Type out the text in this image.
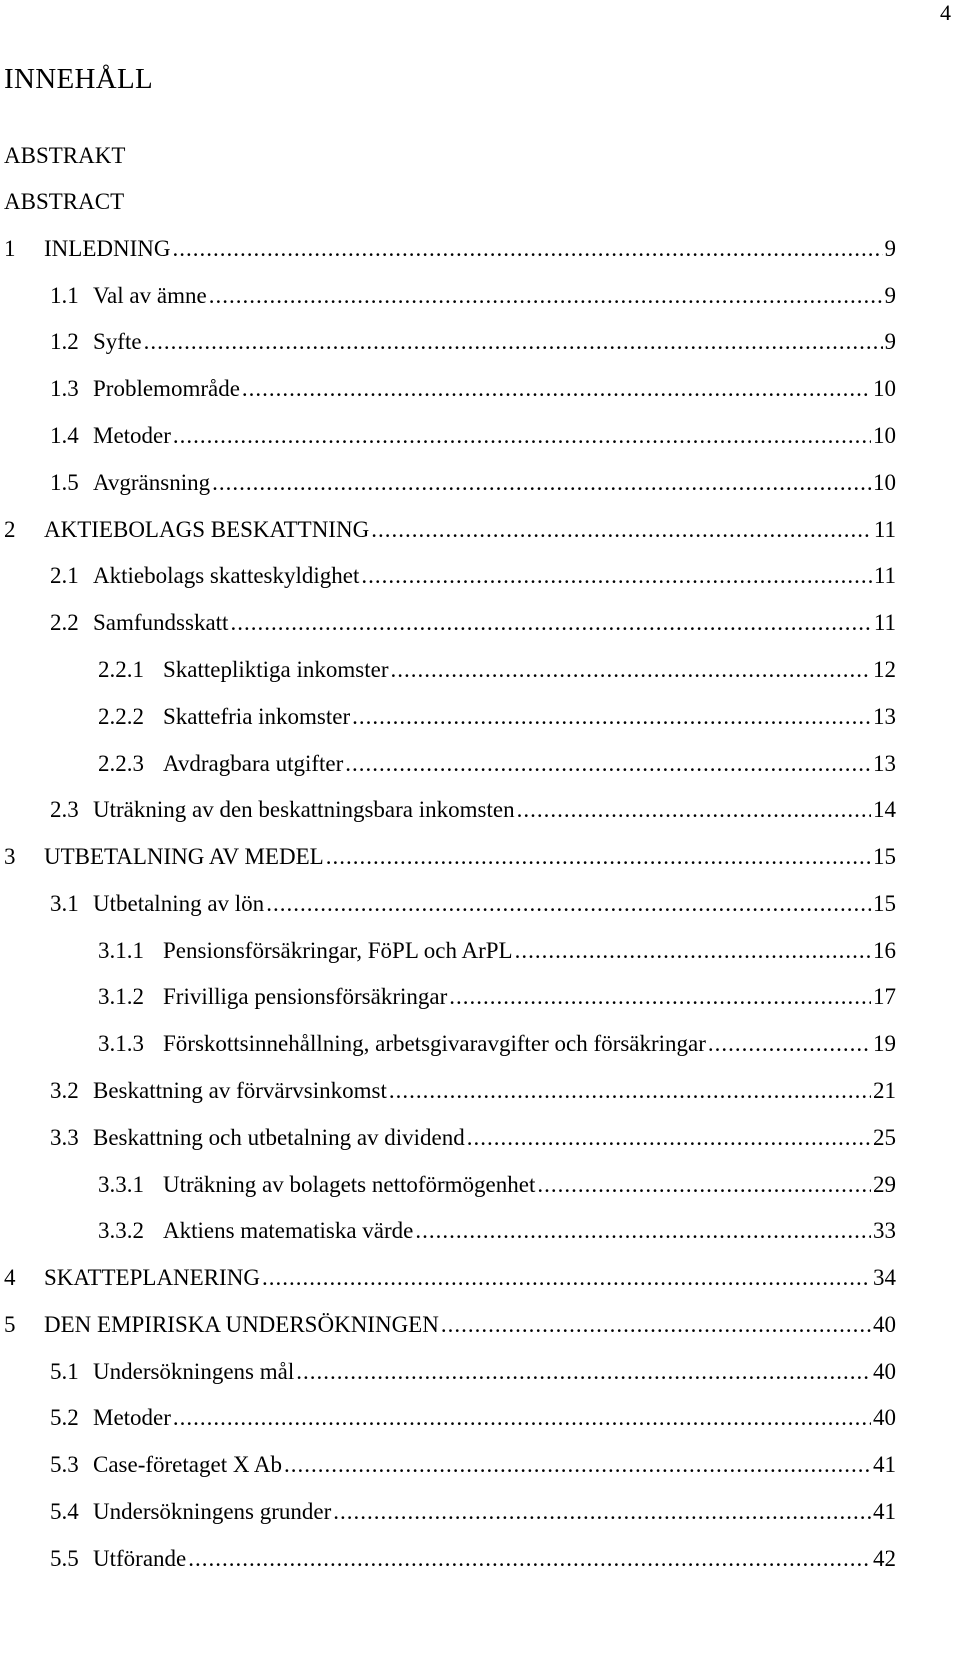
4
INNEHÅLL
ABSTRAKT
ABSTRACT
1	INLEDNING .....	9
1.1 Val av ämne .....	9
1.2 Syfte .....	9
1.3 Problemområde .....	10
1.4 Metoder .....	10
1.5 Avgränsning .....	10
2	AKTIEBOLAGS BESKATTNING .....	11
2.1 Aktiebolags skatteskyldighet .....	11
2.2 Samfundsskatt .....	11
2.2.1 Skattepliktiga inkomster .....	12
2.2.2 Skattefria inkomster .....	13
2.2.3 Avdragbara utgifter .....	13
2.3 Uträkning av den beskattningsbara inkomsten .....	14
3	UTBETALNING AV MEDEL .....	15
3.1 Utbetalning av lön .....	15
3.1.1 Pensionsförsäkringar, FöPL och ArPL .....	16
3.1.2 Frivilliga pensionsförsäkringar .....	17
3.1.3 Förskottsinnehållning, arbetsgivaravgifter och försäkringar .....	19
3.2 Beskattning av förvärvsinkomst .....	21
3.3 Beskattning och utbetalning av dividend .....	25
3.3.1 Uträkning av bolagets nettoförmögenhet .....	29
3.3.2 Aktiens matematiska värde .....	33
4	SKATTEPLANERING .....	34
5	DEN EMPIRISKA UNDERSÖKNINGEN .....	40
5.1 Undersökningens mål .....	40
5.2 Metoder .....	40
5.3 Case-företaget X Ab .....	41
5.4 Undersökningens grunder .....	41
5.5 Utförande .....	42
